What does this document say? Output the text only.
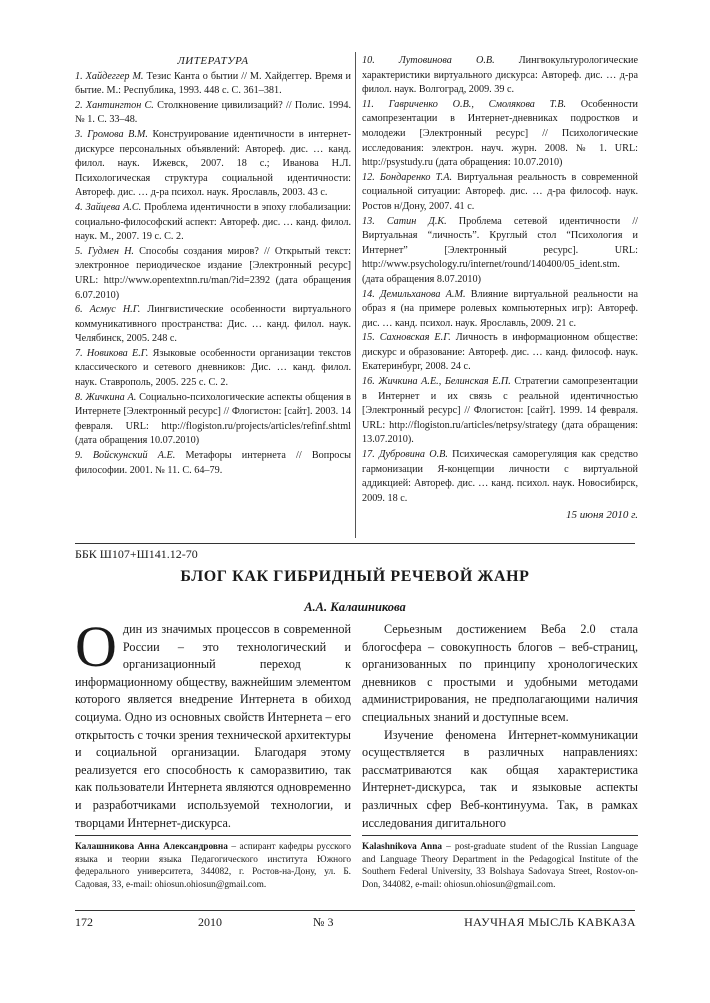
ЛИТЕРАТУРА

1. Хайдеггер М. Тезис Канта о бытии // М. Хайдеггер. Время и бытие. М.: Республика, 1993. 448 с. С. 361–381.

2. Хантингтон С. Столкновение цивилизаций? // Полис. 1994. № 1. С. 33–48.

3. Громова В.М. Конструирование идентичности в интернет-дискурсе персональных объявлений: Автореф. дис. … канд. филол. наук. Ижевск, 2007. 18 с.; Иванова Н.Л. Психологическая структура социальной идентичности: Автореф. дис. … д-ра психол. наук. Ярославль, 2003. 43 с.

4. Зайцева А.С. Проблема идентичности в эпоху глобализации: социально-философский аспект: Автореф. дис. … канд. филол. наук. М., 2007. 19 с. С. 2.

5. Гудмен Н. Способы создания миров? // Открытый текст: электронное периодическое издание [Электронный ресурс] URL: http://www.opentextnn.ru/man/?id=2392 (дата обращения 6.07.2010)

6. Асмус Н.Г. Лингвистические особенности виртуального коммуникативного пространства: Дис. … канд. филол. наук. Челябинск, 2005. 248 с.

7. Новикова Е.Г. Языковые особенности организации текстов классического и сетевого дневников: Дис. … канд. филол. наук. Ставрополь, 2005. 225 с. С. 2.

8. Жичкина А. Социально-психологические аспекты общения в Интернете [Электронный ресурс] // Флогистон: [сайт]. 2003. 14 февраля. URL: http://flogiston.ru/projects/articles/refinf.shtml (дата обращения 10.07.2010)

9. Войскунский А.Е. Метафоры интернета // Вопросы философии. 2001. № 11. С. 64–79.

10. Лутовинова О.В. Лингвокультурологические характеристики виртуального дискурса: Автореф. дис. … д-ра филол. наук. Волгоград, 2009. 39 с.

11. Гавриченко О.В., Смолякова Т.В. Особенности самопрезентации в Интернет-дневниках подростков и молодежи [Электронный ресурс] // Психологические исследования: электрон. науч. журн. 2008. № 1. URL: http://psystudy.ru (дата обращения: 10.07.2010)

12. Бондаренко Т.А. Виртуальная реальность в современной социальной ситуации: Автореф. дис. … д-ра философ. наук. Ростов н/Дону, 2007. 41 с.

13. Сатин Д.К. Проблема сетевой идентичности // Виртуальная “личность”. Круглый стол “Психология и Интернет” [Электронный ресурс]. URL: http://www.psychology.ru/internet/round/140400/05_ident.stm. (дата обращения 8.07.2010)

14. Демильханова А.М. Влияние виртуальной реальности на образ я (на примере ролевых компьютерных игр): Автореф. дис. … канд. психол. наук. Ярославль, 2009. 21 с.

15. Сахновская Е.Г. Личность в информационном обществе: дискурс и образование: Автореф. дис. … канд. философ. наук. Екатеринбург, 2008. 24 с.

16. Жичкина А.Е., Белинская Е.П. Стратегии самопрезентации в Интернет и их связь с реальной идентичностью [Электронный ресурс] // Флогистон: [сайт]. 1999. 14 февраля. URL: http://flogiston.ru/articles/netpsy/strategy (дата обращения: 13.07.2010).

17. Дубровина О.В. Психическая саморегуляция как средство гармонизации Я-концепции личности с виртуальной аддикцией: Автореф. дис. … канд. психол. наук. Новосибирск, 2009. 18 с.

15 июня 2010 г.
ББК Ш107+Ш141.12-70
БЛОГ КАК ГИБРИДНЫЙ РЕЧЕВОЙ ЖАНР
А.А. Калашникова

Один из значимых процессов в современной России – это технологический и организационный переход к информационному обществу, важнейшим элементом которого является внедрение Интернета в обиход социума. Одно из основных свойств Интернета – его открытость с точки зрения технической архитектуры и социальной организации. Благодаря этому реализуется его способность к саморазвитию, так как пользователи Интернета являются одновременно и разработчиками используемой технологии, и творцами Интернет-дискурса.

Серьезным достижением Веба 2.0 стала блогосфера – совокупность блогов – веб-страниц, организованных по принципу хронологических дневников с простыми и удобными методами администрирования, не предполагающими наличия специальных знаний и доступные всем.

Изучение феномена Интернет-коммуникации осуществляется в различных направлениях: рассматриваются как общая характеристика Интернет-дискурса, так и языковые аспекты различных сфер Веб-континуума. Так, в рамках исследования дигитального

Калашникова Анна Александровна – аспирант кафедры русского языка и теории языка Педагогического института Южного федерального университета, 344082, г. Ростов-на-Дону, ул. Б. Садовая, 33, e-mail: ohiosun.ohiosun@gmail.com.
Kalashnikova Anna – post-graduate student of the Russian Language and Language Theory Department in the Pedagogical Institute of the Southern Federal University, 33 Bolshaya Sadovaya Street, Rostov-on-Don, 344082, e-mail: ohiosun.ohiosun@gmail.com.
172	2010	№ 3	НАУЧНАЯ МЫСЛЬ КАВКАЗА
